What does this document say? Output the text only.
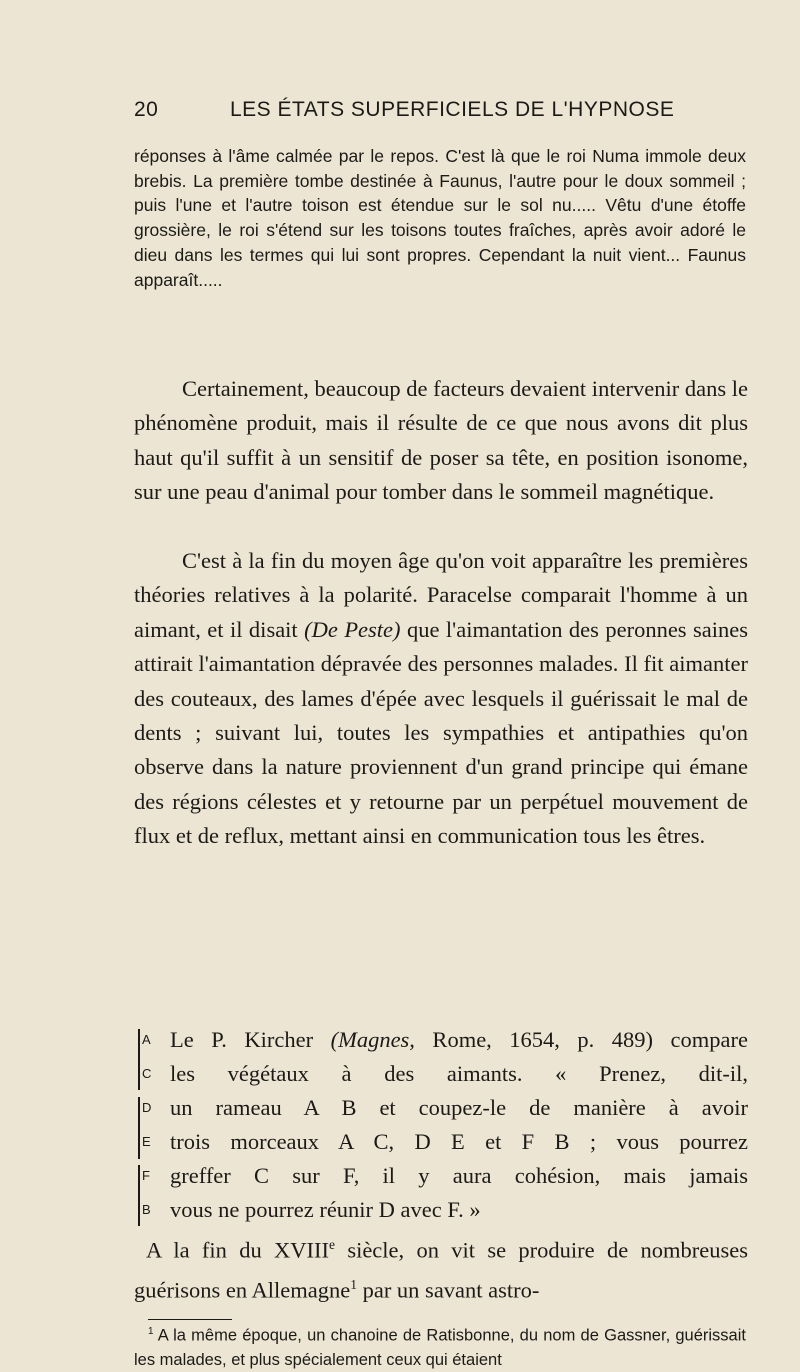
20	LES ÉTATS SUPERFICIELS DE L'HYPNOSE

réponses à l'âme calmée par le repos. C'est là que le roi Numa immole deux brebis. La première tombe destinée à Faunus, l'autre pour le doux sommeil ; puis l'une et l'autre toison est étendue sur le sol nu..... Vêtu d'une étoffe grossière, le roi s'étend sur les toisons toutes fraîches, après avoir adoré le dieu dans les termes qui lui sont propres. Cependant la nuit vient... Faunus apparaît.....

Certainement, beaucoup de facteurs devaient intervenir dans le phénomène produit, mais il résulte de ce que nous avons dit plus haut qu'il suffit à un sensitif de poser sa tête, en position isonome, sur une peau d'animal pour tomber dans le sommeil magnétique.

C'est à la fin du moyen âge qu'on voit apparaître les premières théories relatives à la polarité. Paracelse comparait l'homme à un aimant, et il disait (De Peste) que l'aimantation des peronnes saines attirait l'aimantation dépravée des personnes malades. Il fit aimanter des couteaux, des lames d'épée avec lesquels il guérissait le mal de dents ; suivant lui, toutes les sympathies et antipathies qu'on observe dans la nature proviennent d'un grand principe qui émane des régions célestes et y retourne par un perpétuel mouvement de flux et de reflux, mettant ainsi en communication tous les êtres.

A Le P. Kircher (Magnes, Rome, 1654, p. 489) compare
C les végétaux à des aimants. « Prenez, dit-il,
D un rameau A B et coupez-le de manière à avoir
E trois morceaux A C, D E et F B ; vous pourrez
F greffer C sur F, il y aura cohésion, mais jamais
B vous ne pourrez réunir D avec F. »

A la fin du XVIIIe siècle, on vit se produire de nombreuses guérisons en Allemagne$^1$ par un savant astro-

$^1$ A la même époque, un chanoine de Ratisbonne, du nom de Gassner, guérissait les malades, et plus spécialement ceux qui étaient
